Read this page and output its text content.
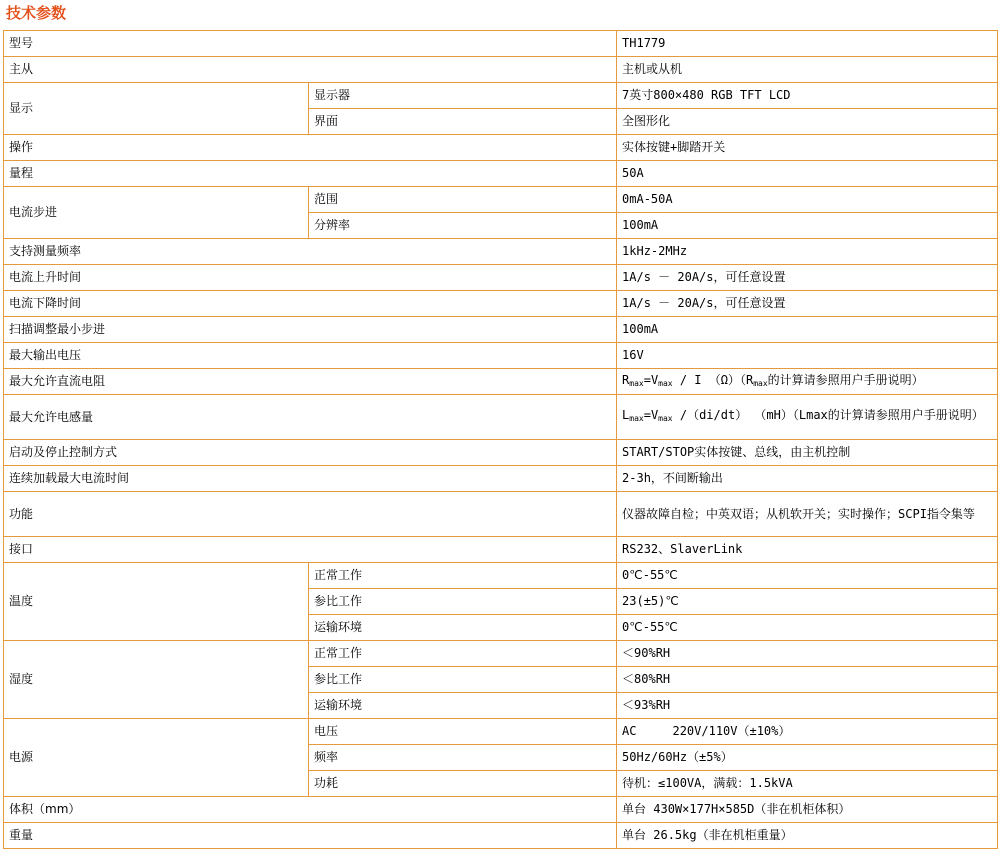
技术参数
型号		TH1779
主从		主机或从机
显示	显示器	7英寸800×480 RGB TFT LCD
	界面	全图形化
操作		实体按键+脚踏开关
量程		50A
电流步进	范围	0mA-50A
	分辨率	100mA
支持测量频率		1kHz-2MHz
电流上升时间		1A/s － 20A/s，可任意设置
电流下降时间		1A/s － 20A/s，可任意设置
扫描调整最小步进		100mA
最大输出电压		16V
最大允许直流电阻		$R_{max}=V_{max} / I$ $(\Omega)(R_{max}$的计算请参照用户手册说明）
最大允许电感量		$L_{max}=V_{max}$ /（di/dt） （mH）（Lmax的计算请参照用户手册说明）
启动及停止控制方式		START/STOP实体按键、总线，由主机控制
连续加载最大电流时间		2-3h，不间断输出
功能		仪器故障自检；中英双语；从机软开关；实时操作；SCPI指令集等
接口		RS232、SlaverLink
温度	正常工作	0℃-55℃
	参比工作	23(±5)℃
	运输环境	0℃-55℃
湿度	正常工作	＜90%RH
	参比工作	＜80%RH
	运输环境	＜93%RH
电源	电压	AC　　　220V/110V（±10%）
	频率	50Hz/60Hz（±5%）
	功耗	待机：≤100VA，满载：1.5kVA
体积（mm）		单台 430W×177H×585D（非在机柜体积）
重量		单台 26.5kg（非在机柜重量）
